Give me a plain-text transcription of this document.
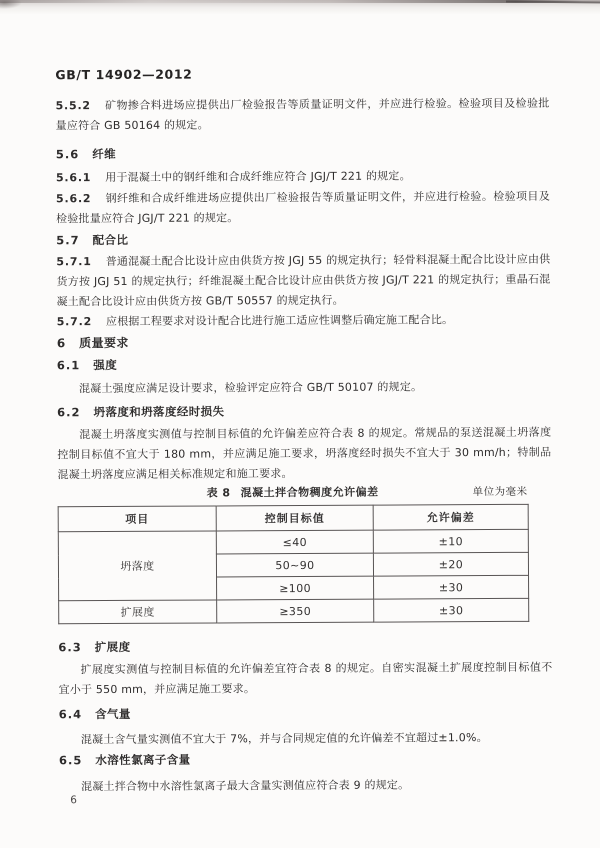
GB/T 14902—2012

5.5.2 矿物掺合料进场应提供出厂检验报告等质量证明文件，并应进行检验。检验项目及检验批量应符合 GB 50164 的规定。

5.6 纤维

5.6.1 用于混凝土中的钢纤维和合成纤维应符合 JGJ/T 221 的规定。

5.6.2 钢纤维和合成纤维进场应提供出厂检验报告等质量证明文件，并应进行检验。检验项目及检验批量应符合 JGJ/T 221 的规定。

5.7 配合比

5.7.1 普通混凝土配合比设计应由供货方按 JGJ 55 的规定执行；轻骨料混凝土配合比设计应由供货方按 JGJ 51 的规定执行；纤维混凝土配合比设计应由供货方按 JGJ/T 221 的规定执行；重晶石混凝土配合比设计应由供货方按 GB/T 50557 的规定执行。

5.7.2 应根据工程要求对设计配合比进行施工适应性调整后确定施工配合比。

6 质量要求
6.1 强度

混凝土强度应满足设计要求，检验评定应符合 GB/T 50107 的规定。

6.2 坍落度和坍落度经时损失

混凝土坍落度实测值与控制目标值的允许偏差应符合表 8 的规定。常规品的泵送混凝土坍落度控制目标值不宜大于 180 mm，并应满足施工要求，坍落度经时损失不宜大于 30 mm/h；特制品混凝土坍落度应满足相关标准规定和施工要求。

表 8 混凝土拌合物稠度允许偏差	单位为毫米
项目	控制目标值	允许偏差
坍落度	≤40	±10
	50~90	±20
	≥100	±30
扩展度	≥350	±30
6.3 扩展度

扩展度实测值与控制目标值的允许偏差宜符合表 8 的规定。自密实混凝土扩展度控制目标值不宜小于 550 mm，并应满足施工要求。

6.4 含气量

混凝土含气量实测值不宜大于 7%，并与合同规定值的允许偏差不宜超过±1.0%。

6.5 水溶性氯离子含量

混凝土拌合物中水溶性氯离子最大含量实测值应符合表 9 的规定。

6
